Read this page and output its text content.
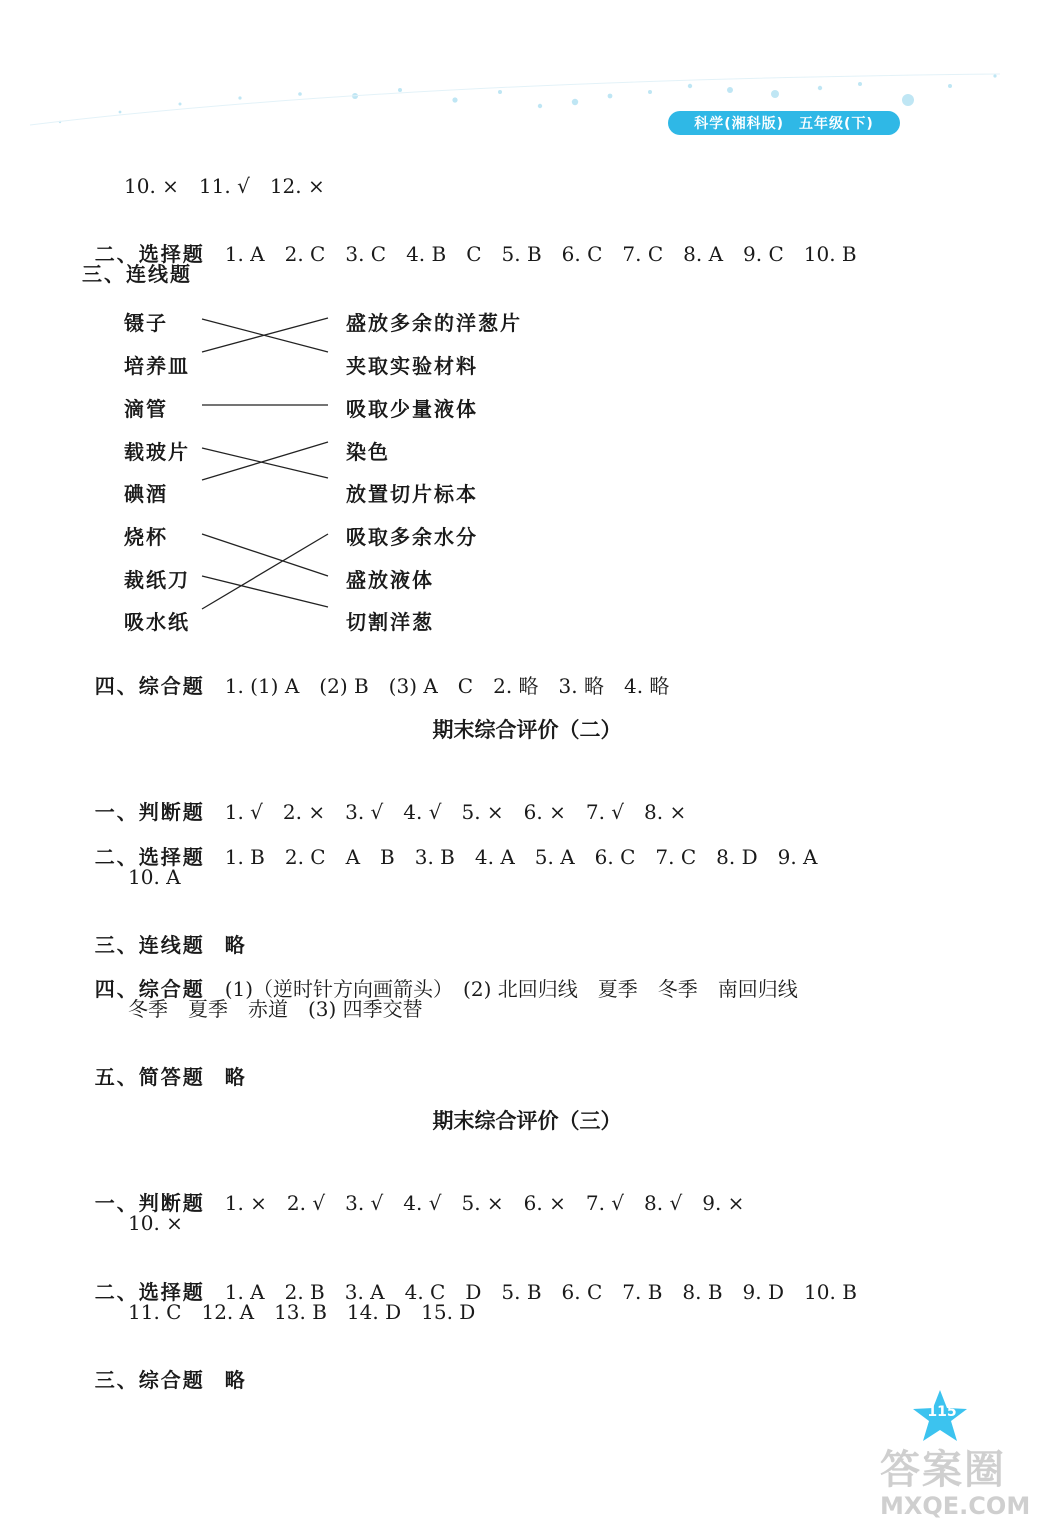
科学(湘科版)　五年级(下)
10. ×　11. √　12. ×

二、选择题　 1. A　2. C　3. C　4. B　C　5. B　6. C　7. C　8. A　9. C　10. B

三、连线题
镊子
培养皿
滴管
载玻片
碘酒
烧杯
裁纸刀
吸水纸
盛放多余的洋葱片
夹取实验材料
吸取少量液体
染色
放置切片标本
吸取多余水分
盛放液体
切割洋葱

四、综合题　 1. (1) A　(2) B　(3) A　C　2. 略　3. 略　4. 略

期末综合评价（二）

一、判断题　 1. √　2. ×　3. √　4. √　5. ×　6. ×　7. √　8. ×

二、选择题　 1. B　2. C　A　B　3. B　4. A　5. A　6. C　7. C　8. D　9. A

10. A

三、连线题　 略

四、综合题　 (1)（逆时针方向画箭头）　(2) 北回归线　夏季　冬季　南回归线

冬季　夏季　赤道　(3) 四季交替

五、简答题　 略

期末综合评价（三）

一、判断题　 1. ×　2. √　3. √　4. √　5. ×　6. ×　7. √　8. √　9. ×

10. ×

二、选择题　 1. A　2. B　3. A　4. C　D　5. B　6. C　7. B　8. B　9. D　10. B

11. C　12. A　13. B　14. D　15. D

三、综合题　 略

115
答案圈
MXQE.COM
